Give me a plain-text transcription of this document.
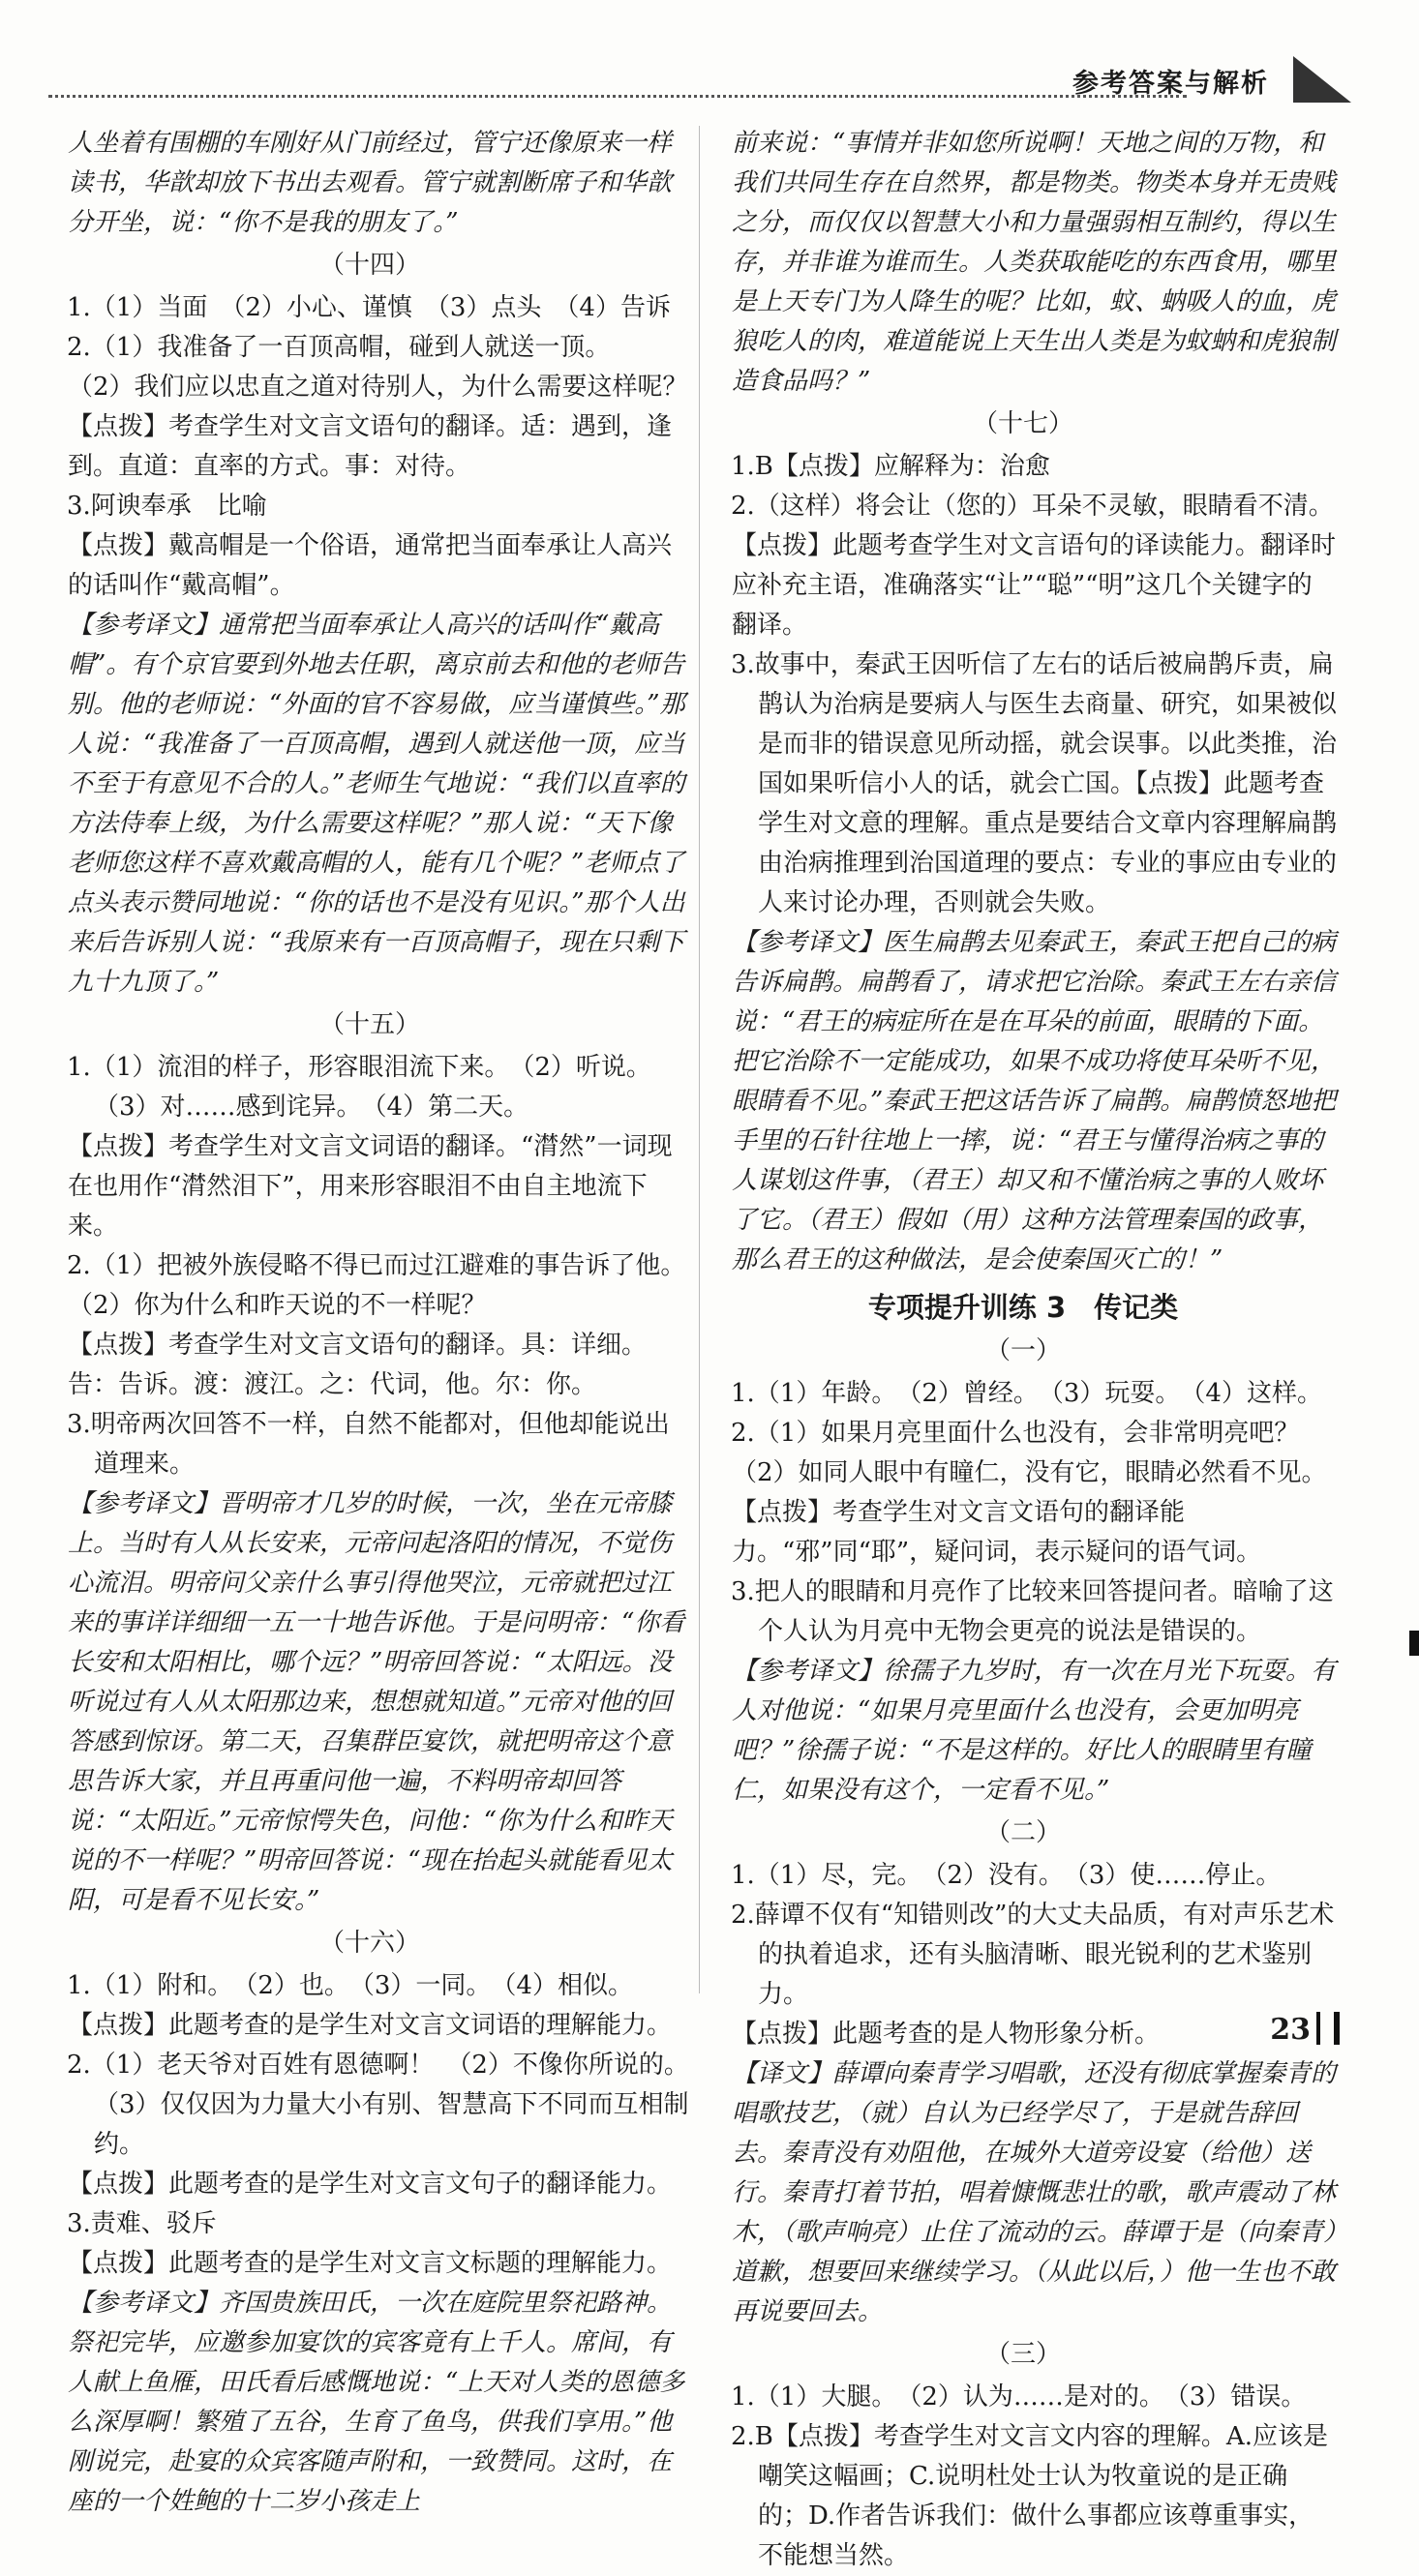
参考答案与解析
人坐着有围棚的车刚好从门前经过，管宁还像原来一样读书，华歆却放下书出去观看。管宁就割断席子和华歆分开坐，说：“你不是我的朋友了。”
（十四）
1.（1）当面　（2）小心、谨慎　（3）点头　（4）告诉
2.（1）我准备了一百顶高帽，碰到人就送一顶。
（2）我们应以忠直之道对待别人，为什么需要这样呢？
【点拨】考查学生对文言文语句的翻译。适：遇到，逢到。直道：直率的方式。事：对待。
3.阿谀奉承　比喻
【点拨】戴高帽是一个俗语，通常把当面奉承让人高兴的话叫作“戴高帽”。
【参考译文】通常把当面奉承让人高兴的话叫作“戴高帽”。有个京官要到外地去任职，离京前去和他的老师告别。他的老师说：“外面的官不容易做，应当谨慎些。”那人说：“我准备了一百顶高帽，遇到人就送他一顶，应当不至于有意见不合的人。”老师生气地说：“我们以直率的方法侍奉上级，为什么需要这样呢？”那人说：“天下像老师您这样不喜欢戴高帽的人，能有几个呢？”老师点了点头表示赞同地说：“你的话也不是没有见识。”那个人出来后告诉别人说：“我原来有一百顶高帽子，现在只剩下九十九顶了。”
（十五）
1.（1）流泪的样子，形容眼泪流下来。　（2）听说。　（3）对……感到诧异。　（4）第二天。
【点拨】考查学生对文言文词语的翻译。“潸然”一词现在也用作“潸然泪下”，用来形容眼泪不由自主地流下来。
2.（1）把被外族侵略不得已而过江避难的事告诉了他。
（2）你为什么和昨天说的不一样呢？
【点拨】考查学生对文言文语句的翻译。具：详细。告：告诉。渡：渡江。之：代词，他。尔：你。
3.明帝两次回答不一样，自然不能都对，但他却能说出道理来。
【参考译文】晋明帝才几岁的时候，一次，坐在元帝膝上。当时有人从长安来，元帝问起洛阳的情况，不觉伤心流泪。明帝问父亲什么事引得他哭泣，元帝就把过江来的事详详细细一五一十地告诉他。于是问明帝：“你看长安和太阳相比，哪个远？”明帝回答说：“太阳远。没听说过有人从太阳那边来，想想就知道。”元帝对他的回答感到惊讶。第二天，召集群臣宴饮，就把明帝这个意思告诉大家，并且再重问他一遍，不料明帝却回答说：“太阳近。”元帝惊愕失色，问他：“你为什么和昨天说的不一样呢？”明帝回答说：“现在抬起头就能看见太阳，可是看不见长安。”
（十六）
1.（1）附和。　（2）也。　（3）一同。　（4）相似。
【点拨】此题考查的是学生对文言文词语的理解能力。
2.（1）老天爷对百姓有恩德啊！　（2）不像你所说的。　（3）仅仅因为力量大小有别、智慧高下不同而互相制约。
【点拨】此题考查的是学生对文言文句子的翻译能力。
3.责难、驳斥
【点拨】此题考查的是学生对文言文标题的理解能力。
【参考译文】齐国贵族田氏，一次在庭院里祭祀路神。祭祀完毕，应邀参加宴饮的宾客竟有上千人。席间，有人献上鱼雁，田氏看后感慨地说：“上天对人类的恩德多么深厚啊！繁殖了五谷，生育了鱼鸟，供我们享用。”他刚说完，赴宴的众宾客随声附和，一致赞同。这时，在座的一个姓鲍的十二岁小孩走上
前来说：“事情并非如您所说啊！天地之间的万物，和我们共同生存在自然界，都是物类。物类本身并无贵贱之分，而仅仅以智慧大小和力量强弱相互制约，得以生存，并非谁为谁而生。人类获取能吃的东西食用，哪里是上天专门为人降生的呢？比如，蚊、蚋吸人的血，虎狼吃人的肉，难道能说上天生出人类是为蚊蚋和虎狼制造食品吗？”
（十七）
1.B【点拨】应解释为：治愈
2.（这样）将会让（您的）耳朵不灵敏，眼睛看不清。
【点拨】此题考查学生对文言语句的译读能力。翻译时应补充主语，准确落实“让”“聪”“明”这几个关键字的翻译。
3.故事中，秦武王因听信了左右的话后被扁鹊斥责，扁鹊认为治病是要病人与医生去商量、研究，如果被似是而非的错误意见所动摇，就会误事。以此类推，治国如果听信小人的话，就会亡国。【点拨】此题考查学生对文意的理解。重点是要结合文章内容理解扁鹊由治病推理到治国道理的要点：专业的事应由专业的人来讨论办理，否则就会失败。
【参考译文】医生扁鹊去见秦武王，秦武王把自己的病告诉扁鹊。扁鹊看了，请求把它治除。秦武王左右亲信说：“君王的病症所在是在耳朵的前面，眼睛的下面。把它治除不一定能成功，如果不成功将使耳朵听不见，眼睛看不见。”秦武王把这话告诉了扁鹊。扁鹊愤怒地把手里的石针往地上一摔，说：“君王与懂得治病之事的人谋划这件事，（君王）却又和不懂治病之事的人败坏了它。（君王）假如（用）这种方法管理秦国的政事，那么君王的这种做法，是会使秦国灭亡的！”
专项提升训练 3　传记类
（一）
1.（1）年龄。　（2）曾经。　（3）玩耍。　（4）这样。
2.（1）如果月亮里面什么也没有，会非常明亮吧？
（2）如同人眼中有瞳仁，没有它，眼睛必然看不见。
【点拨】考查学生对文言文语句的翻译能力。“邪”同“耶”，疑问词，表示疑问的语气词。
3.把人的眼睛和月亮作了比较来回答提问者。暗喻了这个人认为月亮中无物会更亮的说法是错误的。
【参考译文】徐孺子九岁时，有一次在月光下玩耍。有人对他说：“如果月亮里面什么也没有，会更加明亮吧？”徐孺子说：“不是这样的。好比人的眼睛里有瞳仁，如果没有这个，一定看不见。”
（二）
1.（1）尽，完。　（2）没有。　（3）使……停止。
2.薛谭不仅有“知错则改”的大丈夫品质，有对声乐艺术的执着追求，还有头脑清晰、眼光锐利的艺术鉴别力。
【点拨】此题考查的是人物形象分析。
【译文】薛谭向秦青学习唱歌，还没有彻底掌握秦青的唱歌技艺，（就）自认为已经学尽了，于是就告辞回去。秦青没有劝阻他，在城外大道旁设宴（给他）送行。秦青打着节拍，唱着慷慨悲壮的歌，歌声震动了林木，（歌声响亮）止住了流动的云。薛谭于是（向秦青）道歉，想要回来继续学习。（从此以后，）他一生也不敢再说要回去。
（三）
1.（1）大腿。　（2）认为……是对的。　（3）错误。
2.B【点拨】考查学生对文言文内容的理解。A.应该是嘲笑这幅画；C.说明杜处士认为牧童说的是正确的；D.作者告诉我们：做什么事都应该尊重事实，不能想当然。
23
